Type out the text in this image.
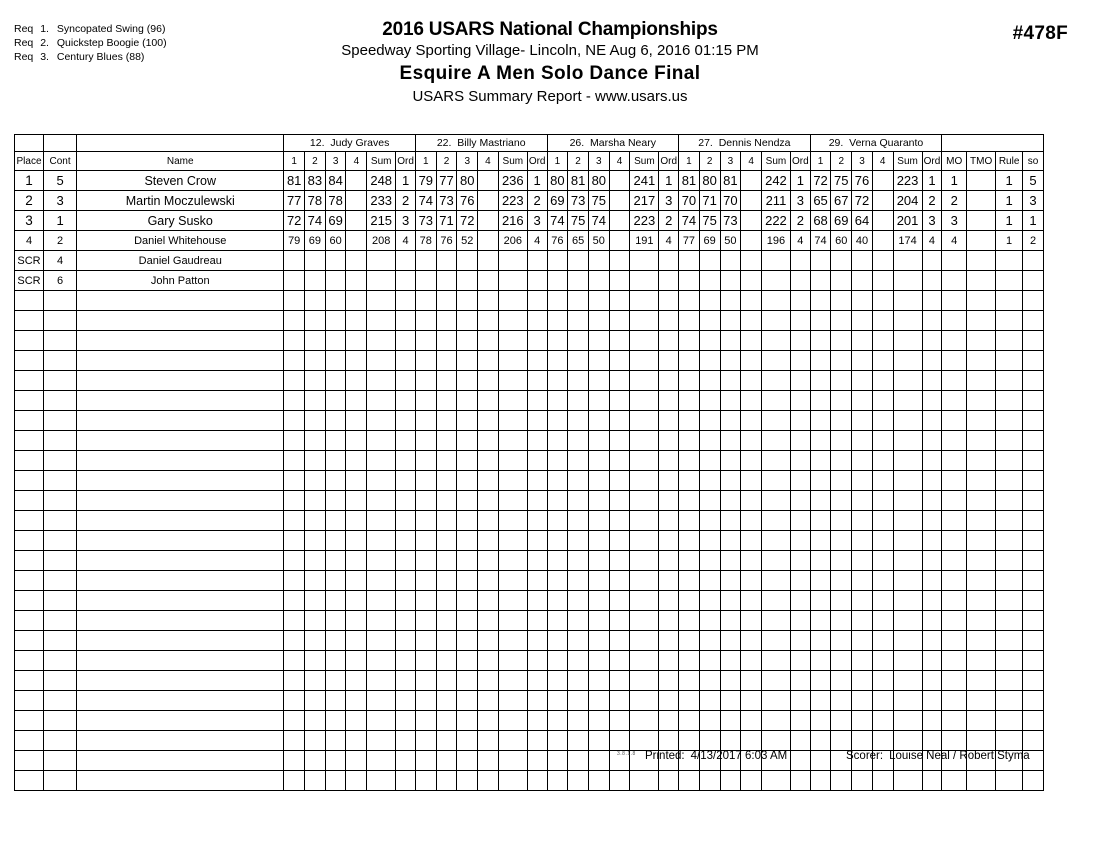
Req 1. Syncopated Swing (96)
Req 2. Quickstep Boogie (100)
Req 3. Century Blues (88)
2016 USARS National Championships
Speedway Sporting Village- Lincoln, NE Aug 6, 2016 01:15 PM
Esquire A Men Solo Dance Final
USARS Summary Report - www.usars.us
#478F
			12. Judy Graves						22. Billy Mastriano						26. Marsha Neary						27. Dennis Nendza						29. Verna Quaranto									
Place	Cont	Name	1	2	3	4	Sum	Ord	1	2	3	4	Sum	Ord	1	2	3	4	Sum	Ord	1	2	3	4	Sum	Ord	1	2	3	4	Sum	Ord	MO	TMO	Rule	so
1	5	Steven Crow	81	83	84		248	1	79	77	80		236	1	80	81	80		241	1	81	80	81		242	1	72	75	76		223	1	1		1	5
2	3	Martin Moczulewski	77	78	78		233	2	74	73	76		223	2	69	73	75		217	3	70	71	70		211	3	65	67	72		204	2	2		1	3
3	1	Gary Susko	72	74	69		215	3	73	71	72		216	3	74	75	74		223	2	74	75	73		222	2	68	69	64		201	3	3		1	1
4	2	Daniel Whitehouse	79	69	60		208	4	78	76	52		206	4	76	65	50		191	4	77	69	50		196	4	74	60	40		174	4	4		1	2
SCR	4	Daniel Gaudreau																																		
SCR	6	John Patton																																		

3.8.1.8 Printed: 4/13/2017 6:03 AM	Scorer: Louise Neal / Robert Styma
